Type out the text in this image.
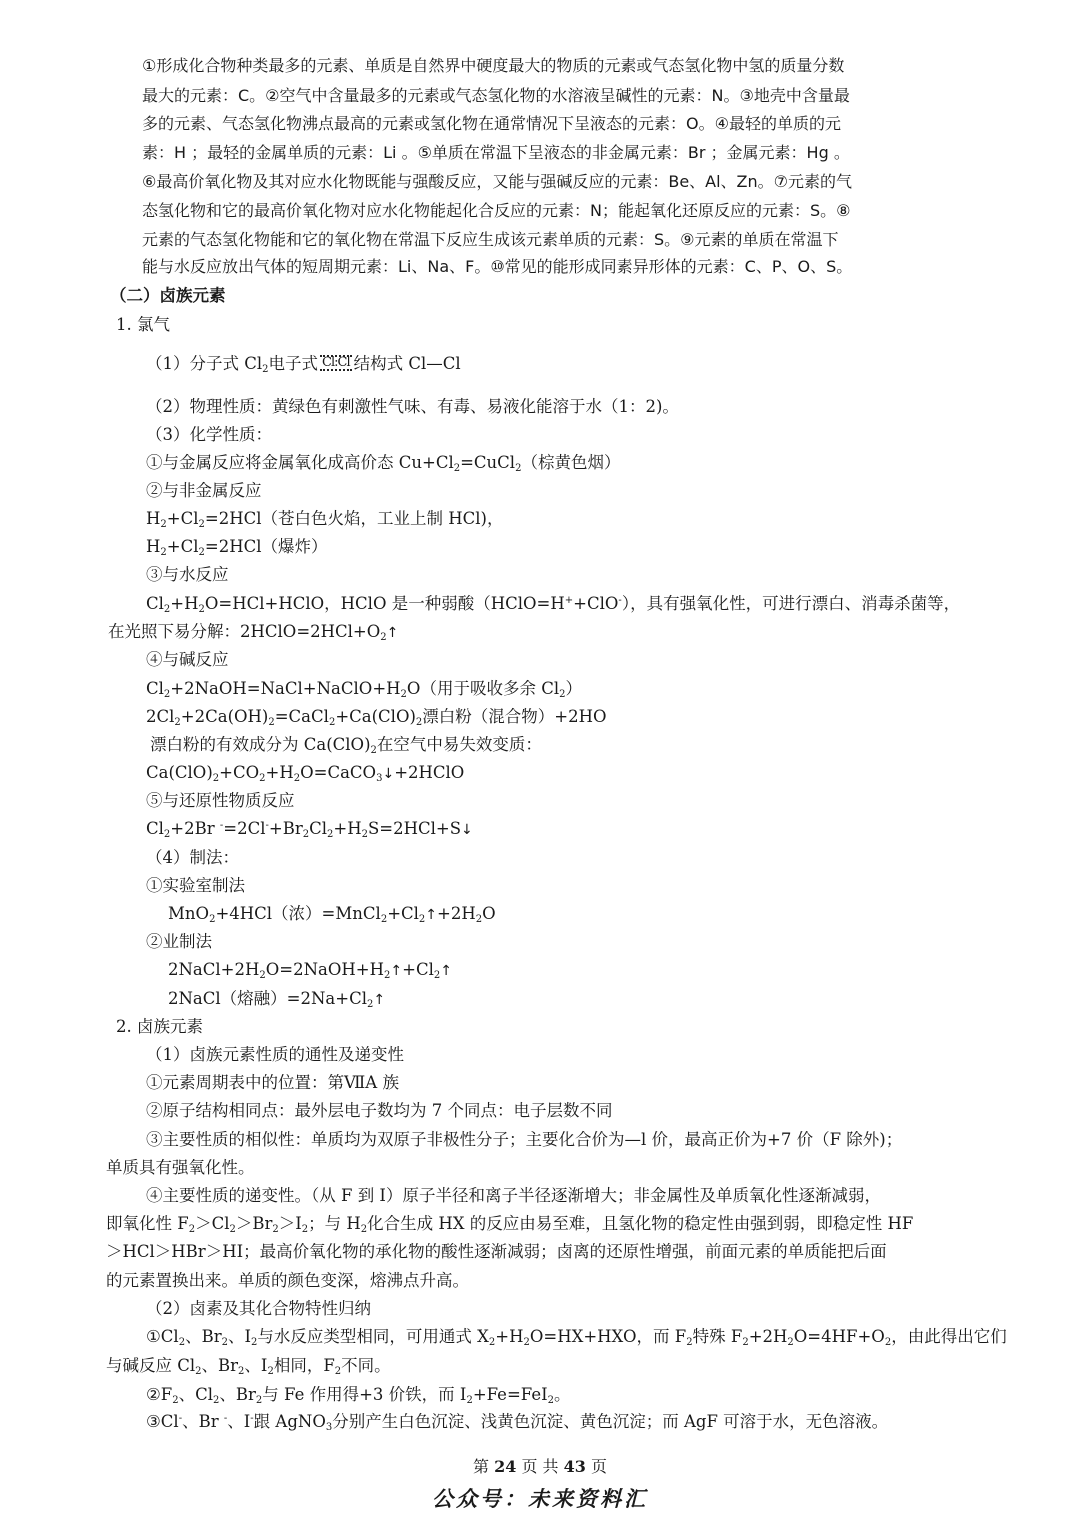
①形成化合物种类最多的元素、单质是自然界中硬度最大的物质的元素或气态氢化物中氢的质量分数
最大的元素：C。②空气中含量最多的元素或气态氢化物的水溶液呈碱性的元素：N。③地壳中含量最
多的元素、气态氢化物沸点最高的元素或氢化物在通常情况下呈液态的元素：O。④最轻的单质的元
素：H ；最轻的金属单质的元素：Li 。⑤单质在常温下呈液态的非金属元素：Br ；金属元素：Hg 。
⑥最高价氧化物及其对应水化物既能与强酸反应，又能与强碱反应的元素：Be、Al、Zn。⑦元素的气
态氢化物和它的最高价氧化物对应水化物能起化合反应的元素：N；能起氧化还原反应的元素：S。⑧
元素的气态氢化物能和它的氧化物在常温下反应生成该元素单质的元素：S。⑨元素的单质在常温下
能与水反应放出气体的短周期元素：Li、Na、F。⑩常见的能形成同素异形体的元素：C、P、O、S。
（二）卤族元素
1. 氯气
（1）分子式 $Cl_2$电子式 Cl:Cl 结构式 Cl—Cl
（2）物理性质：黄绿色有刺激性气味、有毒、易液化能溶于水（1：2)。
（3）化学性质：
①与金属反应将金属氧化成高价态 $Cu+Cl_2=CuCl_2$（棕黄色烟）
②与非金属反应
$H_2+Cl_2=2HCl$（苍白色火焰，工业上制 HCl)，
$H_2+Cl_2=2HCl$（爆炸）
③与水反应
$Cl_2+H_2O=HCl+HClO$，HClO 是一种弱酸（HClO=H++ClO-），具有强氧化性，可进行漂白、消毒杀菌等，
在光照下易分解：$2HClO=2HCl+O_2↑$
④与碱反应
$Cl_2+2NaOH=NaCl+NaClO+H_2O$（用于吸收多余 $Cl_2$）
$2Cl_2+2Ca(OH)_2=CaCl_2+Ca(ClO)_2$漂白粉（混合物）+2HO
漂白粉的有效成分为 $Ca(ClO)_2$在空气中易失效变质：
$Ca(ClO)_2+CO_2+H_2O=CaCO_3↓+2HClO$
⑤与还原性物质反应
$Cl_2+2Br$ $^-=2Cl^-+Br_2Cl_2+H_2S=2HCl+S↓$
（4）制法：
①实验室制法
MnO$_2$+4HCl（浓）$=MnCl_2+Cl_2↑+2H_2O$
②业制法
$2NaCl+2H_2O=2NaOH+H_2↑+Cl_2↑$
2NaCl（熔融）$=2Na+Cl_2↑$
2. 卤族元素
（1）卤族元素性质的通性及递变性
①元素周期表中的位置：第ⅦA 族
②原子结构相同点：最外层电子数均为 7 个同点：电子层数不同
③主要性质的相似性：单质均为双原子非极性分子；主要化合价为—l 价，最高正价为+7 价（F 除外)；
单质具有强氧化性。
④主要性质的递变性。（从 F 到 I）原子半径和离子半径逐渐增大；非金属性及单质氧化性逐渐减弱，
即氧化性 $F_2>Cl_2>Br_2>I_2$；与 $H_2$化合生成 HX 的反应由易至难，且氢化物的稳定性由强到弱，即稳定性 HF
＞HCl＞HBr＞HI；最高价氧化物的承化物的酸性逐渐减弱；卤离的还原性增强，前面元素的单质能把后面
的元素置换出来。单质的颜色变深，熔沸点升高。
（2）卤素及其化合物特性归纳
$①Cl_2$、$Br_2$、$I_2$与水反应类型相同，可用通式 $X_2+H_2O=HX+HXO$，而 $F_2$特殊 $F_2+2H_2O=4HF+O_2$，由此得出它们
与碱反应 $Cl_2$、$Br_2$、$I_2$相同，$F_2$不同。
$②F_2$、$Cl_2$、$Br_2$与 Fe 作用得+3 价铁，而 $I_2+Fe=FeI_2$。
③Cl-、Br -、I-跟 AgNO$_3$分别产生白色沉淀、浅黄色沉淀、黄色沉淀；而 AgF 可溶于水，无色溶液。
第 24 页 共 43 页
公众号：未来资料汇
